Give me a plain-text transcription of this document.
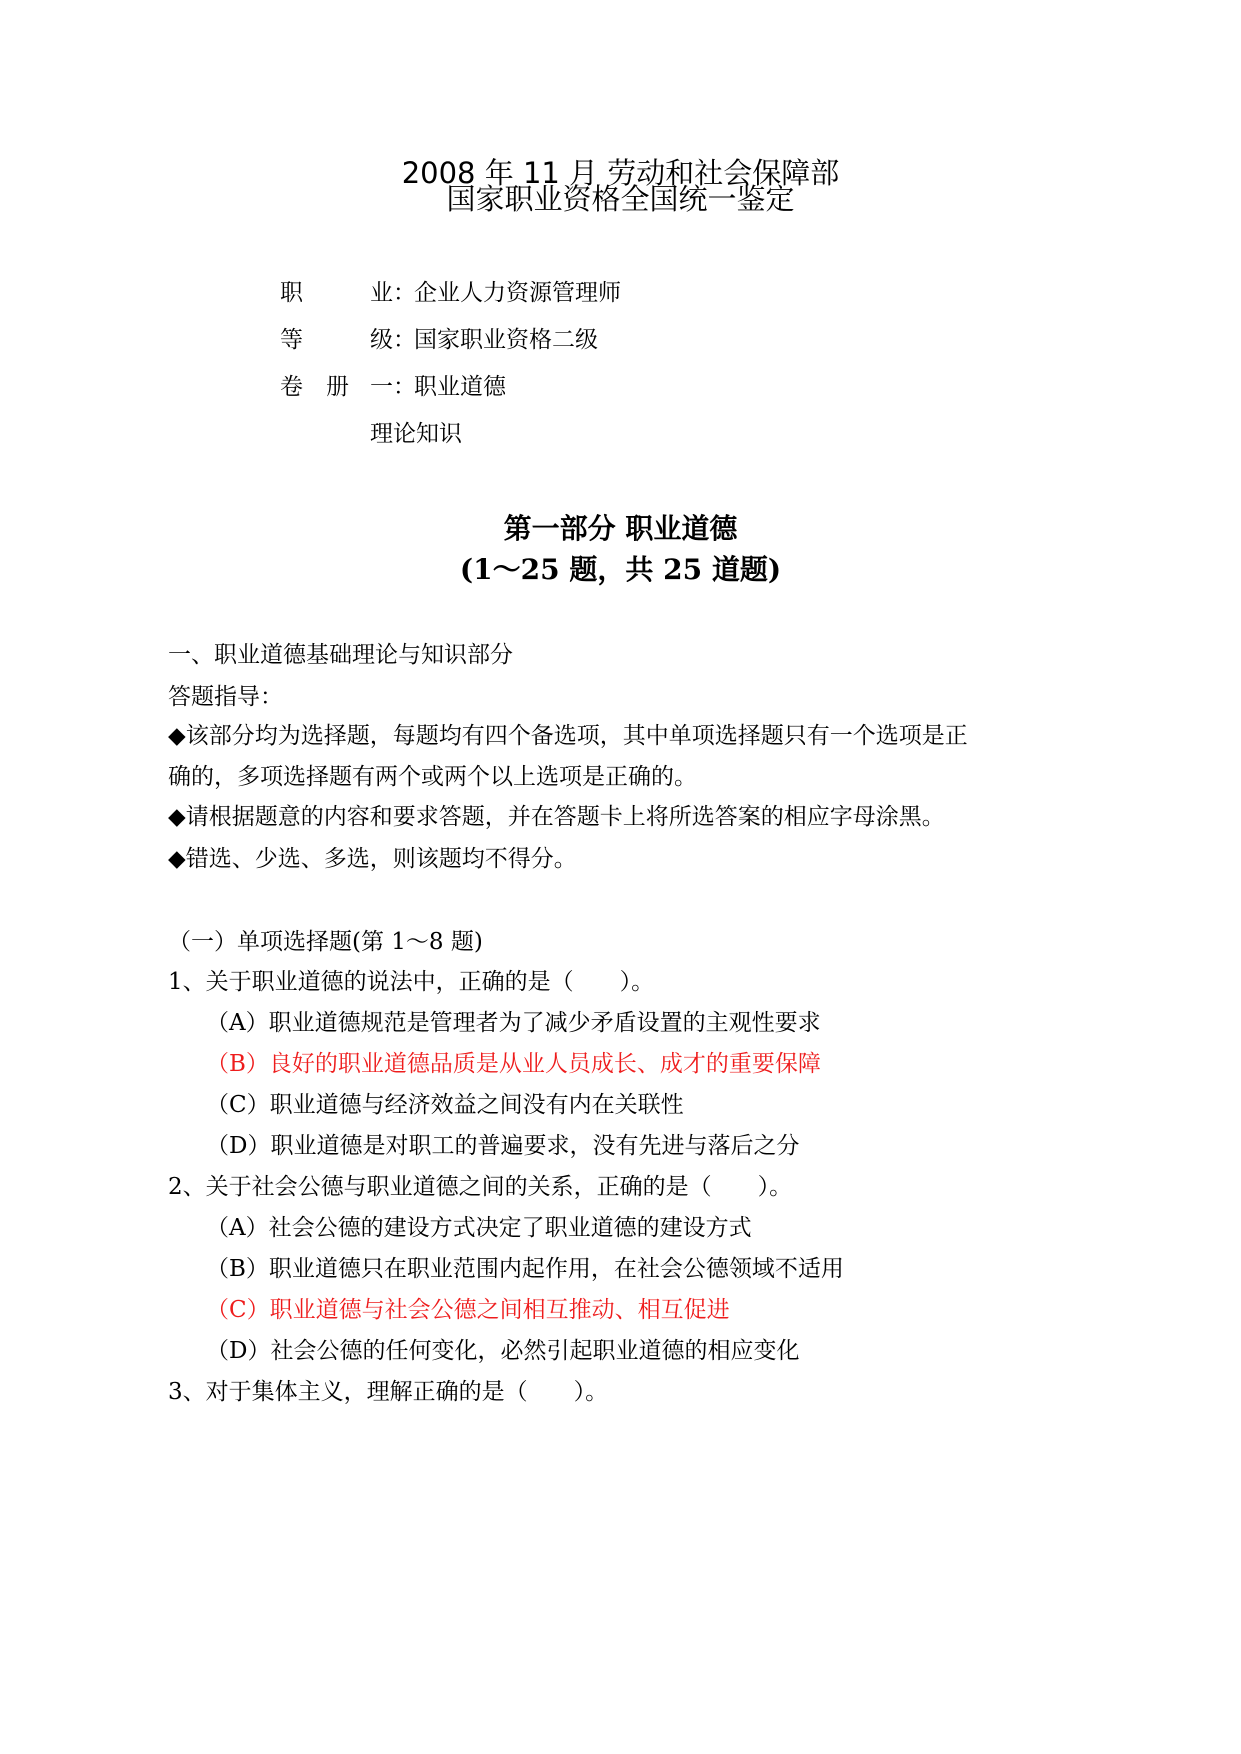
2008 年 11 月 劳动和社会保障部
国家职业资格全国统一鉴定
职	业：
企业人力资源管理师
等	级：
国家职业资格二级
卷　册 一：
职业道德
理论知识
第一部分 职业道德
(1～25 题，共 25 道题)
一、职业道德基础理论与知识部分
答题指导：
◆该部分均为选择题，每题均有四个备选项，其中单项选择题只有一个选项是正
确的，多项选择题有两个或两个以上选项是正确的。
◆请根据题意的内容和要求答题，并在答题卡上将所选答案的相应字母涂黑。
◆错选、少选、多选，则该题均不得分。
（一）单项选择题(第 1～8 题)
1、关于职业道德的说法中，正确的是（　　）。
（A）职业道德规范是管理者为了减少矛盾设置的主观性要求
（B）良好的职业道德品质是从业人员成长、成才的重要保障
（C）职业道德与经济效益之间没有内在关联性
（D）职业道德是对职工的普遍要求，没有先进与落后之分
2、关于社会公德与职业道德之间的关系，正确的是（　　）。
（A）社会公德的建设方式决定了职业道德的建设方式
（B）职业道德只在职业范围内起作用，在社会公德领域不适用
（C）职业道德与社会公德之间相互推动、相互促进
（D）社会公德的任何变化，必然引起职业道德的相应变化
3、对于集体主义，理解正确的是（　　）。
